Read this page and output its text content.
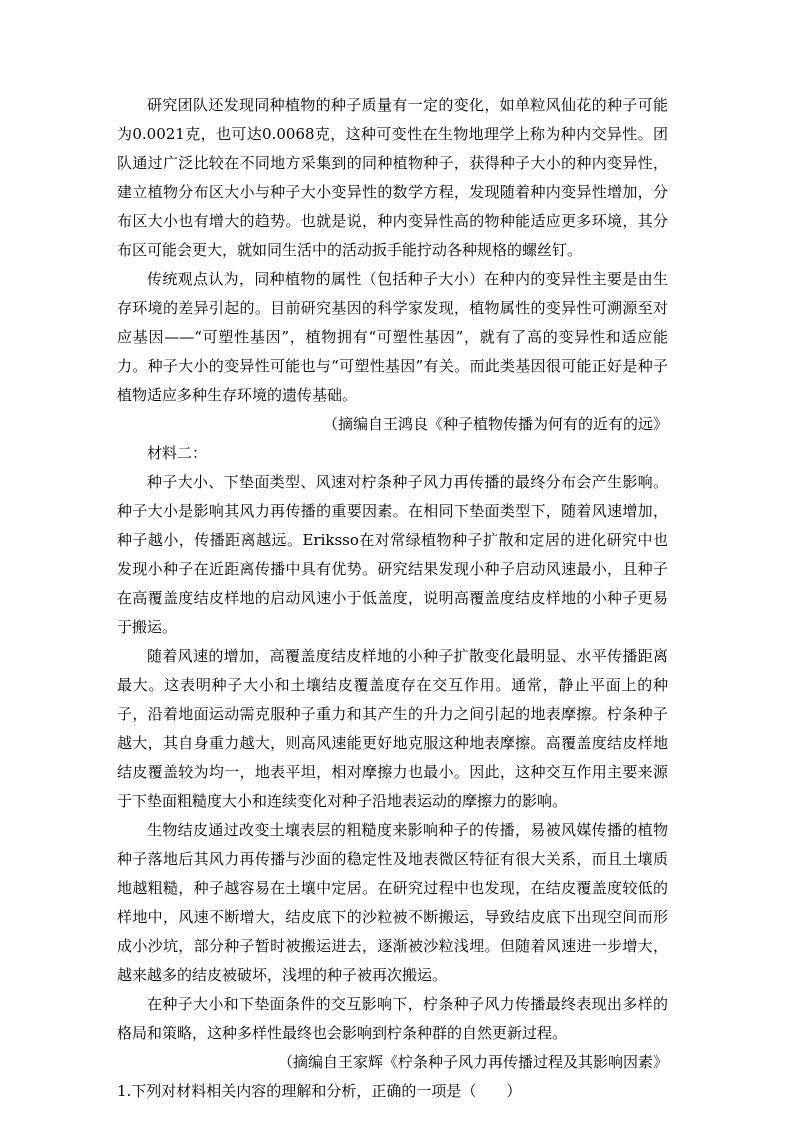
研究团队还发现同种植物的种子质量有一定的变化，如单粒风仙花的种子可能为0.0021克，也可达0.0068克，这种可变性在生物地理学上称为种内交异性。团队通过广泛比较在不同地方采集到的同种植物种子，获得种子大小的种内变异性，建立植物分布区大小与种子大小变异性的数学方程，发现随着种内变异性增加，分布区大小也有增大的趋势。也就是说，种内变异性高的物种能适应更多环境，其分布区可能会更大，就如同生活中的活动扳手能拧动各种规格的螺丝钉。

传统观点认为，同种植物的属性（包括种子大小）在种内的变异性主要是由生存环境的差异引起的。目前研究基因的科学家发现，植物属性的变异性可溯源至对应基因——“可塑性基因”，植物拥有“可塑性基因”，就有了高的变异性和适应能力。种子大小的变异性可能也与“可塑性基因”有关。而此类基因很可能正好是种子植物适应多种生存环境的遗传基础。

（摘编自王鸿良《种子植物传播为何有的近有的远》

材料二：

种子大小、下垫面类型、风速对柠条种子风力再传播的最终分布会产生影响。种子大小是影响其风力再传播的重要因素。在相同下垫面类型下，随着风速增加，种子越小，传播距离越远。Eriksso在对常绿植物种子扩散和定居的进化研究中也发现小种子在近距离传播中具有优势。研究结果发现小种子启动风速最小，且种子在高覆盖度结皮样地的启动风速小于低盖度，说明高覆盖度结皮样地的小种子更易于搬运。

随着风速的增加，高覆盖度结皮样地的小种子扩散变化最明显、水平传播距离最大。这表明种子大小和土壤结皮覆盖度存在交互作用。通常，静止平面上的种子，沿着地面运动需克服种子重力和其产生的升力之间引起的地表摩擦。柠条种子越大，其自身重力越大，则高风速能更好地克服这种地表摩擦。高覆盖度结皮样地结皮覆盖较为均一，地表平坦，相对摩擦力也最小。因此，这种交互作用主要来源于下垫面粗糙度大小和连续变化对种子沿地表运动的摩擦力的影响。

生物结皮通过改变土壤表层的粗糙度来影响种子的传播，易被风媒传播的植物种子落地后其风力再传播与沙面的稳定性及地表微区特征有很大关系，而且土壤质地越粗糙，种子越容易在土壤中定居。在研究过程中也发现，在结皮覆盖度较低的样地中，风速不断增大，结皮底下的沙粒被不断搬运，导致结皮底下出现空间而形成小沙坑，部分种子暂时被搬运进去，逐渐被沙粒浅埋。但随着风速进一步增大，越来越多的结皮被破坏，浅埋的种子被再次搬运。

在种子大小和下垫面条件的交互影响下，柠条种子风力传播最终表现出多样的格局和策略，这种多样性最终也会影响到柠条种群的自然更新过程。

（摘编自王家辉《柠条种子风力再传播过程及其影响因素》

1.下列对材料相关内容的理解和分析，正确的一项是（　　）
